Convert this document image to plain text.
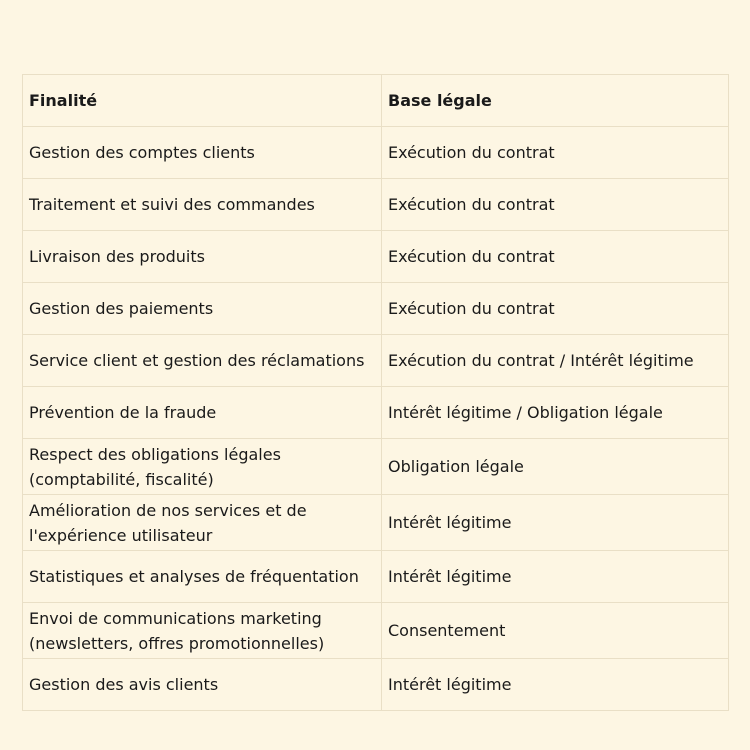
Finalité	Base légale
Gestion des comptes clients	Exécution du contrat
Traitement et suivi des commandes	Exécution du contrat
Livraison des produits	Exécution du contrat
Gestion des paiements	Exécution du contrat
Service client et gestion des réclamations	Exécution du contrat / Intérêt légitime
Prévention de la fraude	Intérêt légitime / Obligation légale
Respect des obligations légales (comptabilité, fiscalité)	Obligation légale
Amélioration de nos services et de l'expérience utilisateur	Intérêt légitime
Statistiques et analyses de fréquentation	Intérêt légitime
Envoi de communications marketing (newsletters, offres promotionnelles)	Consentement
Gestion des avis clients	Intérêt légitime
